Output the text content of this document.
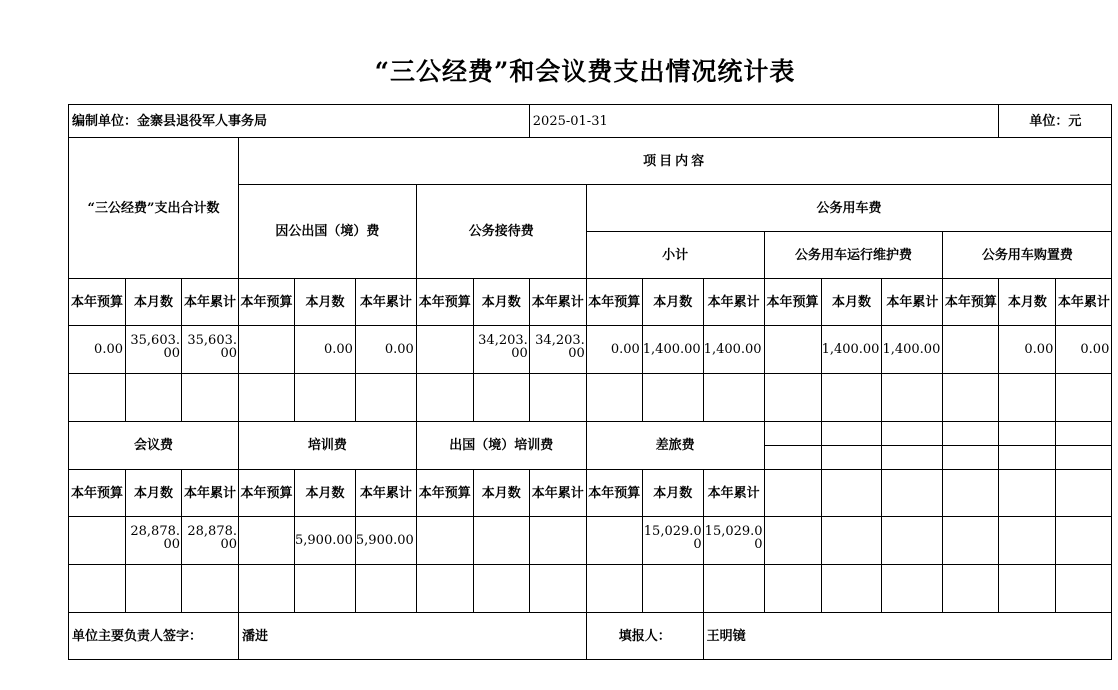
“三公经费”和会议费支出情况统计表
编制单位：金寨县退役军人事务局								2025-01-31								单位：元	

“三公经费”支出合计数			项目内容														
			因公出国（境）费			公务接待费			公务用车费								
									小计			公务用车运行维护费			公务用车购置费		
本年预算	本月数	本年累计	本年预算	本月数	本年累计	本年预算	本月数	本年累计	本年预算	本月数	本年累计	本年预算	本月数	本年累计	本年预算	本月数	本年累计
0.00	35,603.00	35,603.00		0.00	0.00		34,203.00	34,203.00	0.00	1,400.00	1,400.00		1,400.00	1,400.00		0.00	0.00

会议费			培训费			出国（境）培训费			差旅费								

本年预算	本月数	本年累计	本年预算	本月数	本年累计	本年预算	本月数	本年累计	本年预算	本月数	本年累计						
	28,878.00	28,878.00		5,900.00	5,900.00					15,029.00	15,029.00						

单位主要负责人签字：			潘进						填报人：		王明镜						
